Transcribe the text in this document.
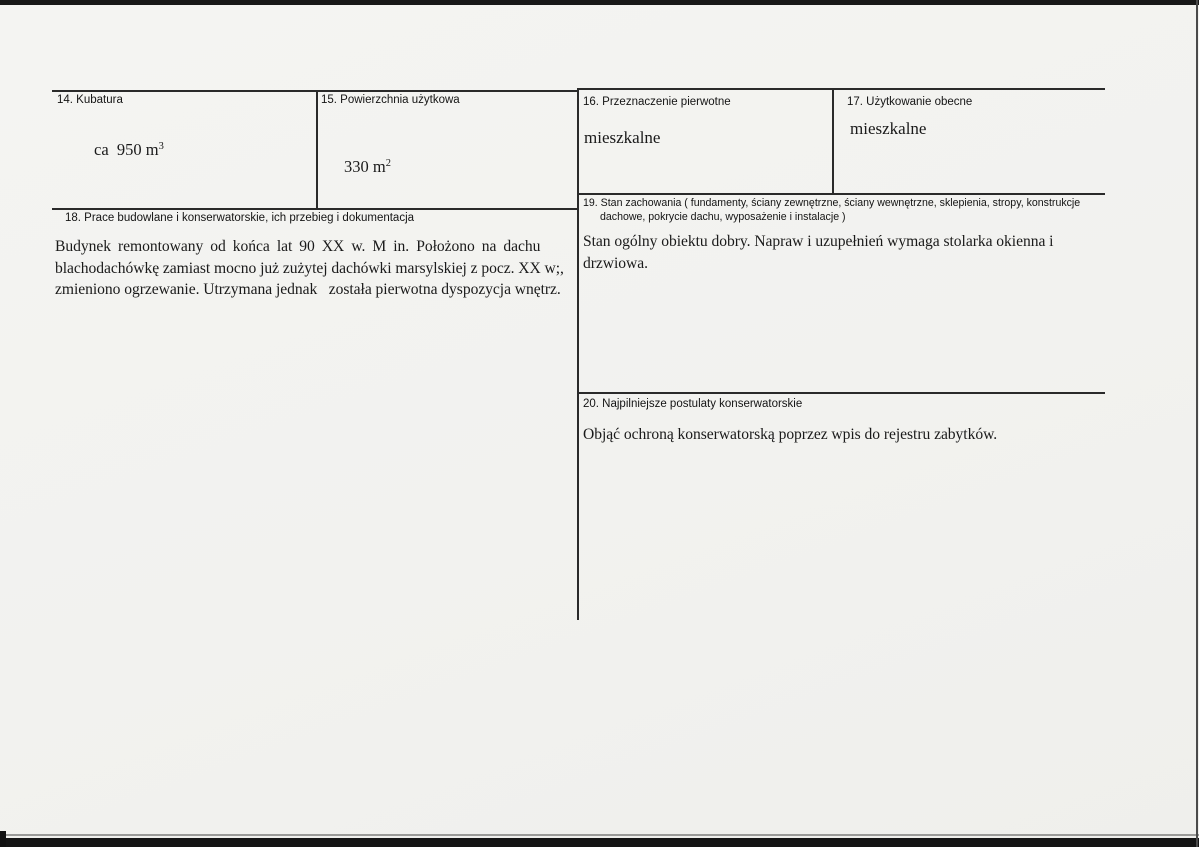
14. Kubatura
ca  950 $m^3$
15. Powierzchnia użytkowa
330 $m^2$
16. Przeznaczenie pierwotne
mieszkalne
17. Użytkowanie obecne
mieszkalne
18. Prace budowlane i konserwatorskie, ich przebieg i dokumentacja
Budynek remontowany od końca lat 90 XX w. M in. Położono na dachu
blachodachówkę zamiast mocno już zużytej dachówki marsylskiej z pocz. XX w;,
zmieniono ogrzewanie. Utrzymana jednak   została pierwotna dyspozycja wnętrz.
19. Stan zachowania ( fundamenty, ściany zewnętrzne, ściany wewnętrzne, sklepienia, stropy, konstrukcje
dachowe, pokrycie dachu, wyposażenie i instalacje )
Stan ogólny obiektu dobry. Napraw i uzupełnień wymaga stolarka okienna i
drzwiowa.
20. Najpilniejsze postulaty konserwatorskie
Objąć ochroną konserwatorską poprzez wpis do rejestru zabytków.
